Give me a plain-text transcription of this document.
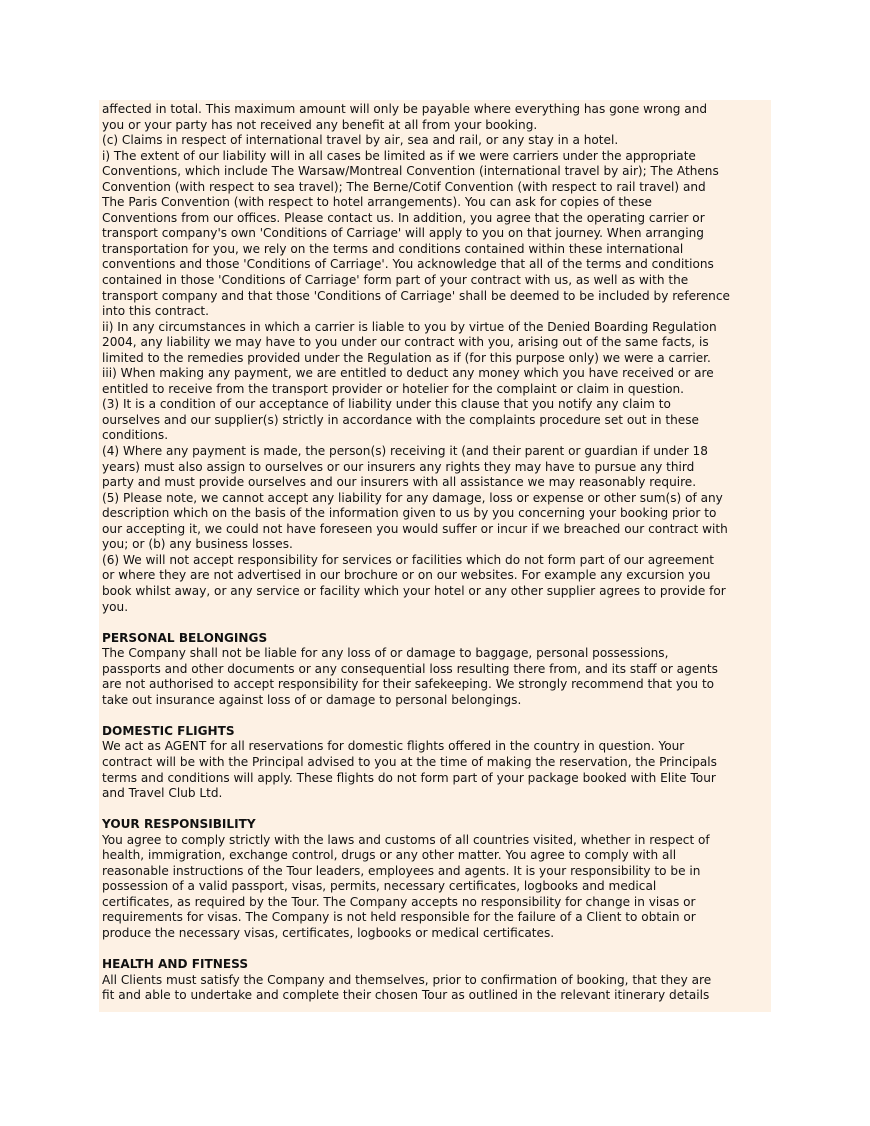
affected in total. This maximum amount will only be payable where everything has gone wrong and
you or your party has not received any benefit at all from your booking.
(c) Claims in respect of international travel by air, sea and rail, or any stay in a hotel.
i) The extent of our liability will in all cases be limited as if we were carriers under the appropriate
Conventions, which include The Warsaw/Montreal Convention (international travel by air); The Athens
Convention (with respect to sea travel); The Berne/Cotif Convention (with respect to rail travel) and
The Paris Convention (with respect to hotel arrangements). You can ask for copies of these
Conventions from our offices. Please contact us. In addition, you agree that the operating carrier or
transport company's own 'Conditions of Carriage' will apply to you on that journey. When arranging
transportation for you, we rely on the terms and conditions contained within these international
conventions and those 'Conditions of Carriage'. You acknowledge that all of the terms and conditions
contained in those 'Conditions of Carriage' form part of your contract with us, as well as with the
transport company and that those 'Conditions of Carriage' shall be deemed to be included by reference
into this contract.
ii) In any circumstances in which a carrier is liable to you by virtue of the Denied Boarding Regulation
2004, any liability we may have to you under our contract with you, arising out of the same facts, is
limited to the remedies provided under the Regulation as if (for this purpose only) we were a carrier.
iii) When making any payment, we are entitled to deduct any money which you have received or are
entitled to receive from the transport provider or hotelier for the complaint or claim in question.
(3) It is a condition of our acceptance of liability under this clause that you notify any claim to
ourselves and our supplier(s) strictly in accordance with the complaints procedure set out in these
conditions.
(4) Where any payment is made, the person(s) receiving it (and their parent or guardian if under 18
years) must also assign to ourselves or our insurers any rights they may have to pursue any third
party and must provide ourselves and our insurers with all assistance we may reasonably require.
(5) Please note, we cannot accept any liability for any damage, loss or expense or other sum(s) of any
description which on the basis of the information given to us by you concerning your booking prior to
our accepting it, we could not have foreseen you would suffer or incur if we breached our contract with
you; or (b) any business losses.
(6) We will not accept responsibility for services or facilities which do not form part of our agreement
or where they are not advertised in our brochure or on our websites. For example any excursion you
book whilst away, or any service or facility which your hotel or any other supplier agrees to provide for
you.
PERSONAL BELONGINGS
The Company shall not be liable for any loss of or damage to baggage, personal possessions,
passports and other documents or any consequential loss resulting there from, and its staff or agents
are not authorised to accept responsibility for their safekeeping. We strongly recommend that you to
take out insurance against loss of or damage to personal belongings.
DOMESTIC FLIGHTS
We act as AGENT for all reservations for domestic flights offered in the country in question. Your
contract will be with the Principal advised to you at the time of making the reservation, the Principals
terms and conditions will apply. These flights do not form part of your package booked with Elite Tour
and Travel Club Ltd.
YOUR RESPONSIBILITY
You agree to comply strictly with the laws and customs of all countries visited, whether in respect of
health, immigration, exchange control, drugs or any other matter. You agree to comply with all
reasonable instructions of the Tour leaders, employees and agents. It is your responsibility to be in
possession of a valid passport, visas, permits, necessary certificates, logbooks and medical
certificates, as required by the Tour. The Company accepts no responsibility for change in visas or
requirements for visas. The Company is not held responsible for the failure of a Client to obtain or
produce the necessary visas, certificates, logbooks or medical certificates.
HEALTH AND FITNESS
All Clients must satisfy the Company and themselves, prior to confirmation of booking, that they are
fit and able to undertake and complete their chosen Tour as outlined in the relevant itinerary details
